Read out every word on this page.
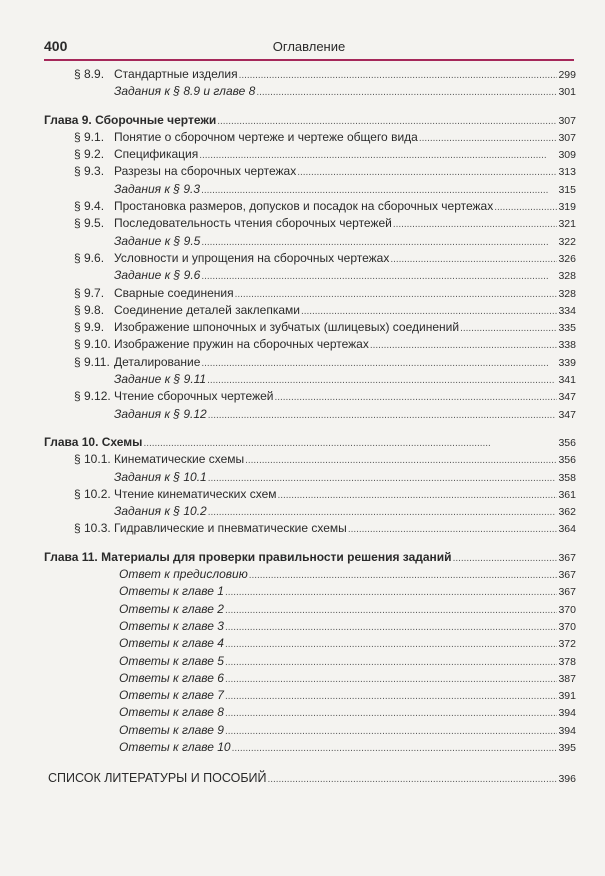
400	Оглавление
§ 8.9. Стандартные изделия . . .	299
Задания к § 8.9 и главе 8 . . .	301
Глава 9. Сборочные чертежи . . .	307
§ 9.1. Понятие о сборочном чертеже и чертеже общего вида . . .	307
§ 9.2. Спецификация . . .	309
§ 9.3. Разрезы на сборочных чертежах . . .	313
Задания к § 9.3 . . .	315
§ 9.4. Простановка размеров, допусков и посадок на сборочных чертежах . . .	319
§ 9.5. Последовательность чтения сборочных чертежей . . .	321
Задание к § 9.5 . . .	322
§ 9.6. Условности и упрощения на сборочных чертежах . . .	326
Задание к § 9.6 . . .	328
§ 9.7. Сварные соединения . . .	328
§ 9.8. Соединение деталей заклепками . . .	334
§ 9.9. Изображение шпоночных и зубчатых (шлицевых) соединений . . .	335
§ 9.10. Изображение пружин на сборочных чертежах . . .	338
§ 9.11. Деталирование . . .	339
Задание к § 9.11 . . .	341
§ 9.12. Чтение сборочных чертежей . . .	347
Задания к § 9.12 . . .	347
Глава 10. Схемы . . .	356
§ 10.1. Кинематические схемы . . .	356
Задания к § 10.1 . . .	358
§ 10.2. Чтение кинематических схем . . .	361
Задания к § 10.2 . . .	362
§ 10.3. Гидравлические и пневматические схемы . . .	364
Глава 11. Материалы для проверки правильности решения заданий . . .	367
Ответ к предисловию . . .	367
Ответы к главе 1 . . .	367
Ответы к главе 2 . . .	370
Ответы к главе 3 . . .	370
Ответы к главе 4 . . .	372
Ответы к главе 5 . . .	378
Ответы к главе 6 . . .	387
Ответы к главе 7 . . .	391
Ответы к главе 8 . . .	394
Ответы к главе 9 . . .	394
Ответы к главе 10 . . .	395
СПИСОК ЛИТЕРАТУРЫ И ПОСОБИЙ . . .	396
